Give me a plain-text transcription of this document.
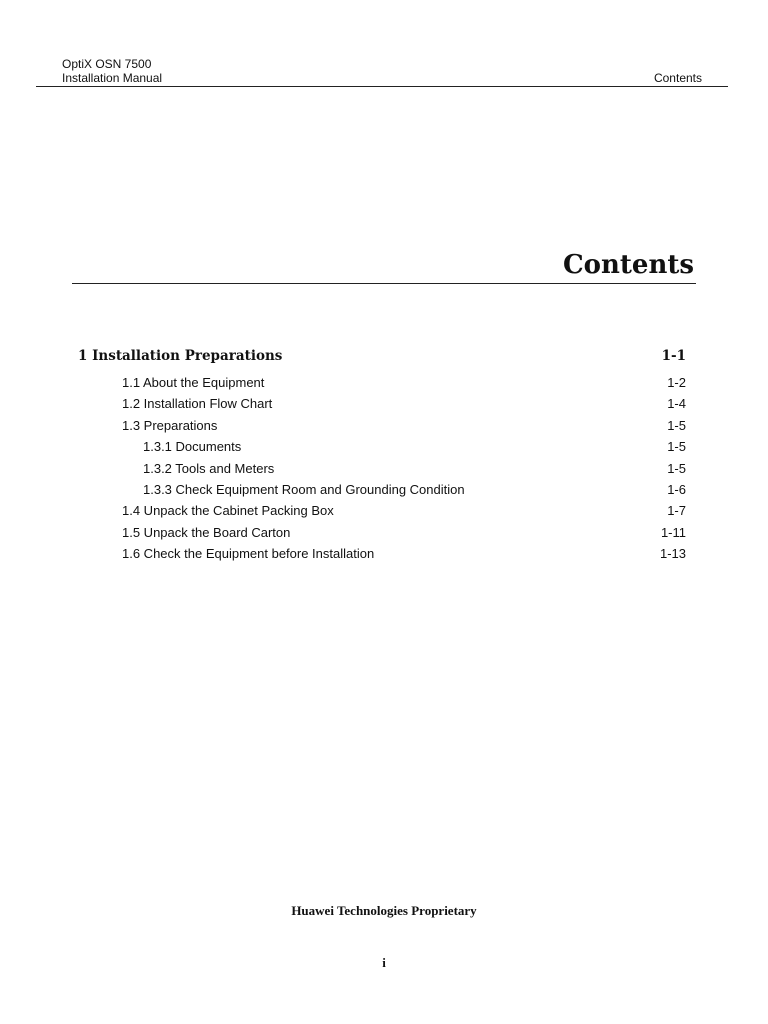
OptiX OSN 7500
Installation Manual	Contents
Contents
1 Installation Preparations	1-1
1.1 About the Equipment	1-2
1.2 Installation Flow Chart	1-4
1.3 Preparations	1-5
1.3.1 Documents	1-5
1.3.2 Tools and Meters	1-5
1.3.3 Check Equipment Room and Grounding Condition	1-6
1.4 Unpack the Cabinet Packing Box	1-7
1.5 Unpack the Board Carton	1-11
1.6 Check the Equipment before Installation	1-13
Huawei Technologies Proprietary
i
